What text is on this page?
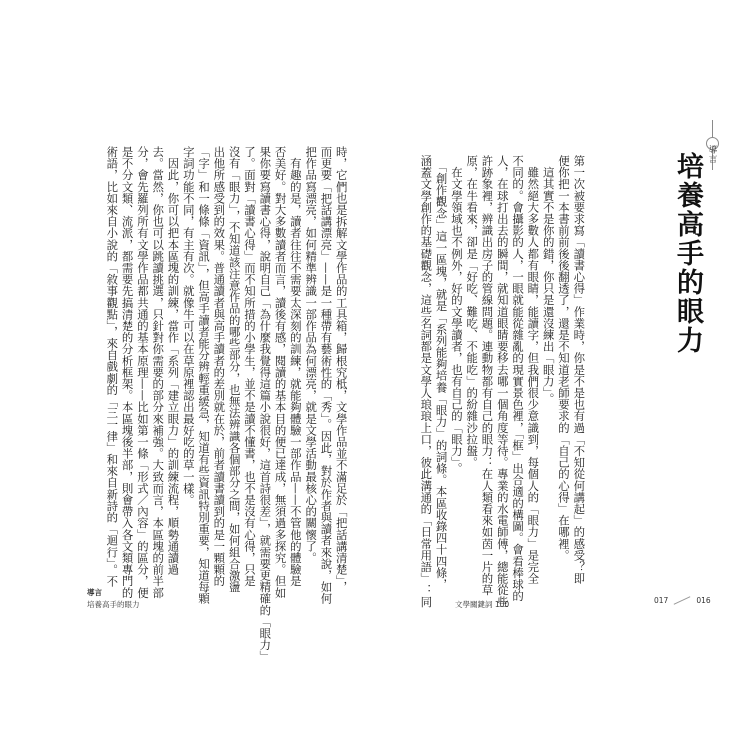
導言
培養高手的眼力
第一次被要求寫「讀書心得」作業時，你是不是也有過「不知從何講起」的感受？即
便你把一本書前前後後翻透了，還是不知道老師要求的「自己的心得」在哪裡。
　這其實不是你的錯，你只是還沒練出「眼力」。
　雖然絕大多數人都有眼睛，能讀字，但我們很少意識到，每個人的「眼力」是完全
不同的。會攝影的人，一眼就能從雜亂的現實景色裡，「框」出合適的構圖。會看棒球的
人，在球打出去的瞬間，就知道眼睛要移去哪一個角度等待。專業的水電師傅，總能從些
許跡象裡，辨識出房子的管線問題。連動物都有自己的眼力：在人類看來如茵一片的草
原，在牛看來，卻是「好吃、難吃、不能吃」的紛雜沙拉盤。
　在文學領域也不例外，好的文學讀者，也有自己的「眼力」。
　「創作觀念」這一區塊，就是「系列能夠培養「眼力」的詞條。本區收錄四十四條，
涵蓋文學創作的基礎觀念，這些名詞都是文學人琅琅上口，彼此溝通的「日常用語」：同
時，它們也是拆解文學作品的工具箱，歸根究柢，文學作品並不滿足於「把話講清楚」，
而更要「把話講漂亮」——是一種帶有藝術性的「秀」。因此，對於作者與讀者來說，如何
把作品寫漂亮，如何精準辨識一部作品為何漂亮，就是文學活動最核心的關懷了。
　有趣的是，讀者往往不需要太深刻的訓練，就能夠體驗一部作品——不管他的體驗是
否美好。對大多數讀者而言，讀後有感，閱讀的基本目的便已達成，無須過多探究。但如
果你要寫讀書心得，說明自己「為什麼我覺得這篇小說很好，這首詩很差」，就需要更精確的「眼力」
了。面對「讀書心得」而不知所措的小學生，並不是讀不懂書，也不是沒有心得，只是
沒有「眼力」，不知道該注意作品的哪些部分，也無法辨識各個部分之間，如何組合激盪
出他所感受到的效果。普通讀者與高手讀者的差別就在於，前者讀書讀到的是一顆顆的
「字」和一條條「資訊」，但高手讀者能分辨輕重緩急，知道有些資訊特別重要，知道每顆
字詞功能不同，有主有次。就像牛可以在草原裡認出最好吃的草一樣。
　因此，你可以把本區塊的訓練，當作「系列「建立眼力」的訓練流程，順勢通讀過
去。當然，你也可以跳讀挑選，只針對你需要的部分來補強。大致而言，本區塊的前半部
分，會先羅列所有文學作品都共通的基本原理——比如第一條「形式／內容」的區分，便
是不分文類、流派，都需要先搞清楚的分析框架。本區塊後半部，則會帶入各文類專門的
術語，比如來自小說的「敘事觀點」，來自戲劇的「三一律」和來自新詩的「迴行」。不
導言
培養高手的眼力	文學關鍵詞 100	017	016
